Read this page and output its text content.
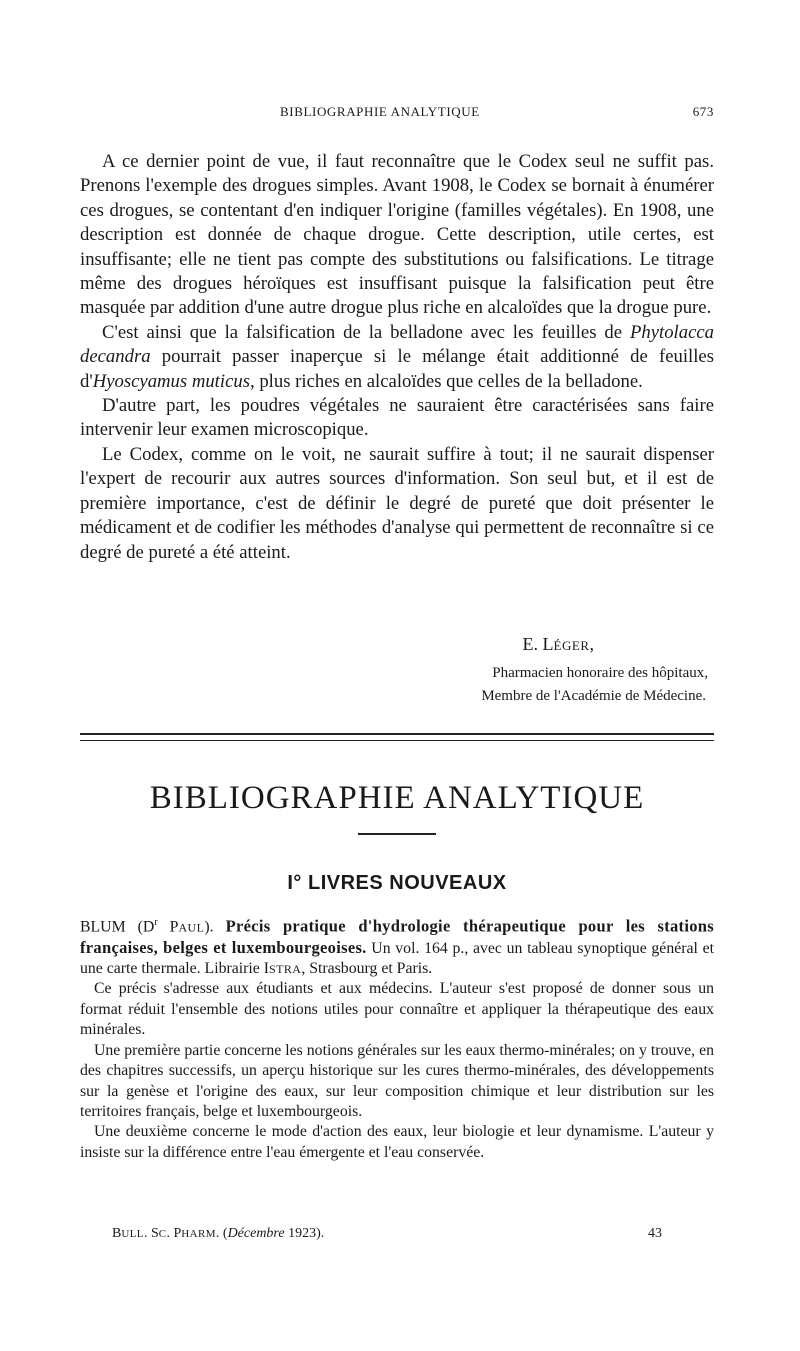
BIBLIOGRAPHIE ANALYTIQUE	673

A ce dernier point de vue, il faut reconnaître que le Codex seul ne suffit pas. Prenons l'exemple des drogues simples. Avant 1908, le Codex se bornait à énumérer ces drogues, se contentant d'en indiquer l'origine (familles végétales). En 1908, une description est donnée de chaque drogue. Cette description, utile certes, est insuffisante; elle ne tient pas compte des substitutions ou falsifications. Le titrage même des drogues héroïques est insuffisant puisque la falsification peut être masquée par addition d'une autre drogue plus riche en alcaloïdes que la drogue pure.

C'est ainsi que la falsification de la belladone avec les feuilles de Phytolacca decandra pourrait passer inaperçue si le mélange était additionné de feuilles d'Hyoscyamus muticus, plus riches en alcaloïdes que celles de la belladone.

D'autre part, les poudres végétales ne sauraient être caractérisées sans faire intervenir leur examen microscopique.

Le Codex, comme on le voit, ne saurait suffire à tout; il ne saurait dispenser l'expert de recourir aux autres sources d'information. Son seul but, et il est de première importance, c'est de définir le degré de pureté que doit présenter le médicament et de codifier les méthodes d'analyse qui permettent de reconnaître si ce degré de pureté a été atteint.

E. LÉGER,
Pharmacien honoraire des hôpitaux,
Membre de l'Académie de Médecine.
BIBLIOGRAPHIE ANALYTIQUE
I° LIVRES NOUVEAUX

BLUM ($D^r$ PAUL). Précis pratique d'hydrologie thérapeutique pour les stations françaises, belges et luxembourgeoises. Un vol. 164 p., avec un tableau synoptique général et une carte thermale. Librairie ISTRA, Strasbourg et Paris.

Ce précis s'adresse aux étudiants et aux médecins. L'auteur s'est proposé de donner sous un format réduit l'ensemble des notions utiles pour connaître et appliquer la thérapeutique des eaux minérales.

Une première partie concerne les notions générales sur les eaux thermo-minérales; on y trouve, en des chapitres successifs, un aperçu historique sur les cures thermo-minérales, des développements sur la genèse et l'origine des eaux, sur leur composition chimique et leur distribution sur les territoires français, belge et luxembourgeois.

Une deuxième concerne le mode d'action des eaux, leur biologie et leur dynamisme. L'auteur y insiste sur la différence entre l'eau émergente et l'eau conservée.

BULL. SC. PHARM. (Décembre 1923).	43
